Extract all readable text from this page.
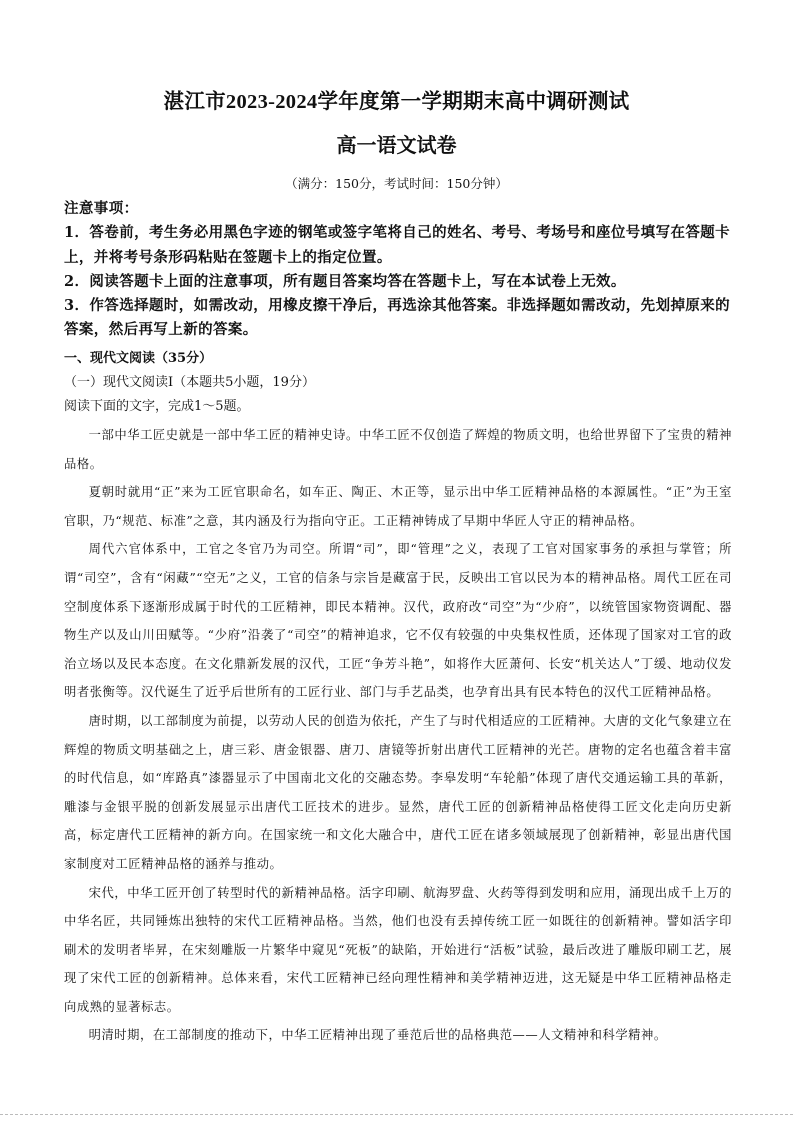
湛江市2023-2024学年度第一学期期末高中调研测试
高一语文试卷
（满分：150分，考试时间：150分钟）

注意事项：

1．答卷前，考生务必用黑色字迹的钢笔或签字笔将自己的姓名、考号、考场号和座位号填写在答题卡上，并将考号条形码粘贴在签题卡上的指定位置。

2．阅读答题卡上面的注意事项，所有题目答案均答在答题卡上，写在本试卷上无效。

3．作答选择题时，如需改动，用橡皮擦干净后，再选涂其他答案。非选择题如需改动，先划掉原来的答案，然后再写上新的答案。

一、现代文阅读（35分）

（一）现代文阅读Ⅰ（本题共5小题，19分）

阅读下面的文字，完成1～5题。

一部中华工匠史就是一部中华工匠的精神史诗。中华工匠不仅创造了辉煌的物质文明，也给世界留下了宝贵的精神品格。

夏朝时就用“正”来为工匠官职命名，如车正、陶正、木正等，显示出中华工匠精神品格的本源属性。“正”为王室官职，乃“规范、标准”之意，其内涵及行为指向守正。工正精神铸成了早期中华匠人守正的精神品格。

周代六官体系中，工官之冬官乃为司空。所谓“司”，即“管理”之义，表现了工官对国家事务的承担与掌管；所谓“司空”，含有“闲藏”“空无”之义，工官的信条与宗旨是藏富于民，反映出工官以民为本的精神品格。周代工匠在司空制度体系下逐渐形成属于时代的工匠精神，即民本精神。汉代，政府改“司空”为“少府”，以统管国家物资调配、器物生产以及山川田赋等。“少府”沿袭了“司空”的精神追求，它不仅有较强的中央集权性质，还体现了国家对工官的政治立场以及民本态度。在文化鼎新发展的汉代，工匠“争芳斗艳”，如将作大匠萧何、长安“机关达人”丁缓、地动仪发明者张衡等。汉代诞生了近乎后世所有的工匠行业、部门与手艺品类，也孕育出具有民本特色的汉代工匠精神品格。

唐时期，以工部制度为前提，以劳动人民的创造为依托，产生了与时代相适应的工匠精神。大唐的文化气象建立在辉煌的物质文明基础之上，唐三彩、唐金银器、唐刀、唐镜等折射出唐代工匠精神的光芒。唐物的定名也蕴含着丰富的时代信息，如“库路真”漆器显示了中国南北文化的交融态势。李皋发明“车轮船”体现了唐代交通运输工具的革新，雕漆与金银平脱的创新发展显示出唐代工匠技术的进步。显然，唐代工匠的创新精神品格使得工匠文化走向历史新高，标定唐代工匠精神的新方向。在国家统一和文化大融合中，唐代工匠在诸多领域展现了创新精神，彰显出唐代国家制度对工匠精神品格的涵养与推动。

宋代，中华工匠开创了转型时代的新精神品格。活字印刷、航海罗盘、火药等得到发明和应用，涌现出成千上万的中华名匠，共同锤炼出独特的宋代工匠精神品格。当然，他们也没有丢掉传统工匠一如既往的创新精神。譬如活字印刷术的发明者毕昇，在宋刻雕版一片繁华中窥见“死板”的缺陷，开始进行“活板”试验，最后改进了雕版印刷工艺，展现了宋代工匠的创新精神。总体来看，宋代工匠精神已经向理性精神和美学精神迈进，这无疑是中华工匠精神品格走向成熟的显著标志。

明清时期，在工部制度的推动下，中华工匠精神出现了垂范后世的品格典范——人文精神和科学精神。
